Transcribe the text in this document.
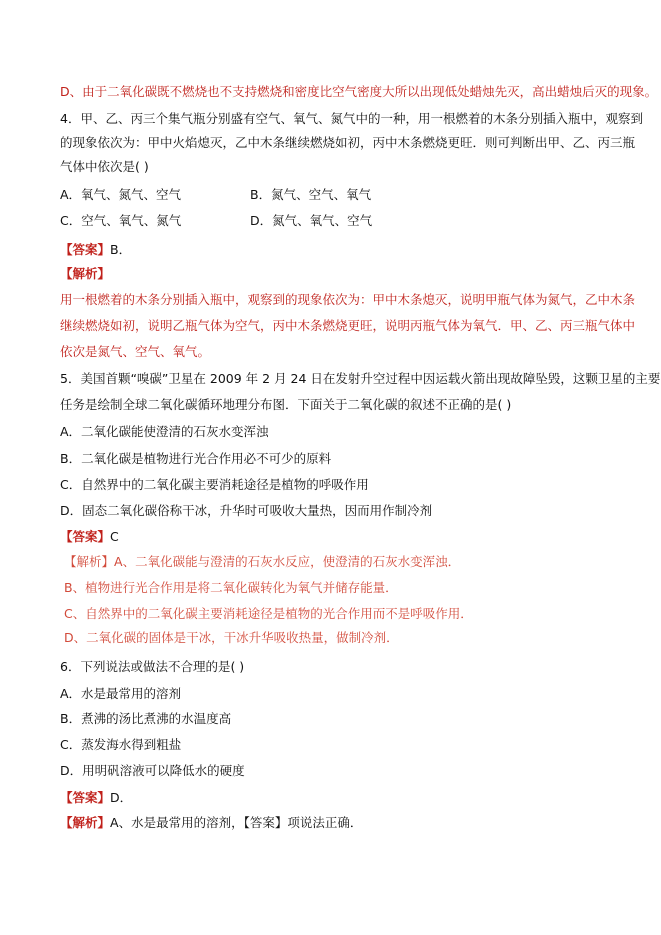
D、由于二氧化碳既不燃烧也不支持燃烧和密度比空气密度大所以出现低处蜡烛先灭，高出蜡烛后灭的现象。
4．甲、乙、丙三个集气瓶分别盛有空气、氧气、氮气中的一种，用一根燃着的木条分别插入瓶中，观察到
的现象依次为：甲中火焰熄灭，乙中木条继续燃烧如初，丙中木条燃烧更旺．则可判断出甲、乙、丙三瓶
气体中依次是( )
A．氧气、氮气、空气	B．氮气、空气、氧气
C．空气、氧气、氮气	D．氮气、氧气、空气
【答案】B．
【解析】
用一根燃着的木条分别插入瓶中，观察到的现象依次为：甲中木条熄灭，说明甲瓶气体为氮气，乙中木条
继续燃烧如初，说明乙瓶气体为空气，丙中木条燃烧更旺，说明丙瓶气体为氧气．甲、乙、丙三瓶气体中
依次是氮气、空气、氧气。
5．美国首颗“嗅碳”卫星在 2009 年 2 月 24 日在发射升空过程中因运载火箭出现故障坠毁，这颗卫星的主要
任务是绘制全球二氧化碳循环地理分布图．下面关于二氧化碳的叙述不正确的是( )
A．二氧化碳能使澄清的石灰水变浑浊
B．二氧化碳是植物进行光合作用必不可少的原料
C．自然界中的二氧化碳主要消耗途径是植物的呼吸作用
D．固态二氧化碳俗称干冰，升华时可吸收大量热，因而用作制冷剂
【答案】C
【解析】A、二氧化碳能与澄清的石灰水反应，使澄清的石灰水变浑浊．
B、植物进行光合作用是将二氧化碳转化为氧气并储存能量．
C、自然界中的二氧化碳主要消耗途径是植物的光合作用而不是呼吸作用．
D、二氧化碳的固体是干冰，干冰升华吸收热量，做制冷剂．
6．下列说法或做法不合理的是( )
A．水是最常用的溶剂
B．煮沸的汤比煮沸的水温度高
C．蒸发海水得到粗盐
D．用明矾溶液可以降低水的硬度
【答案】D．
【解析】A、水是最常用的溶剂，【答案】项说法正确．
